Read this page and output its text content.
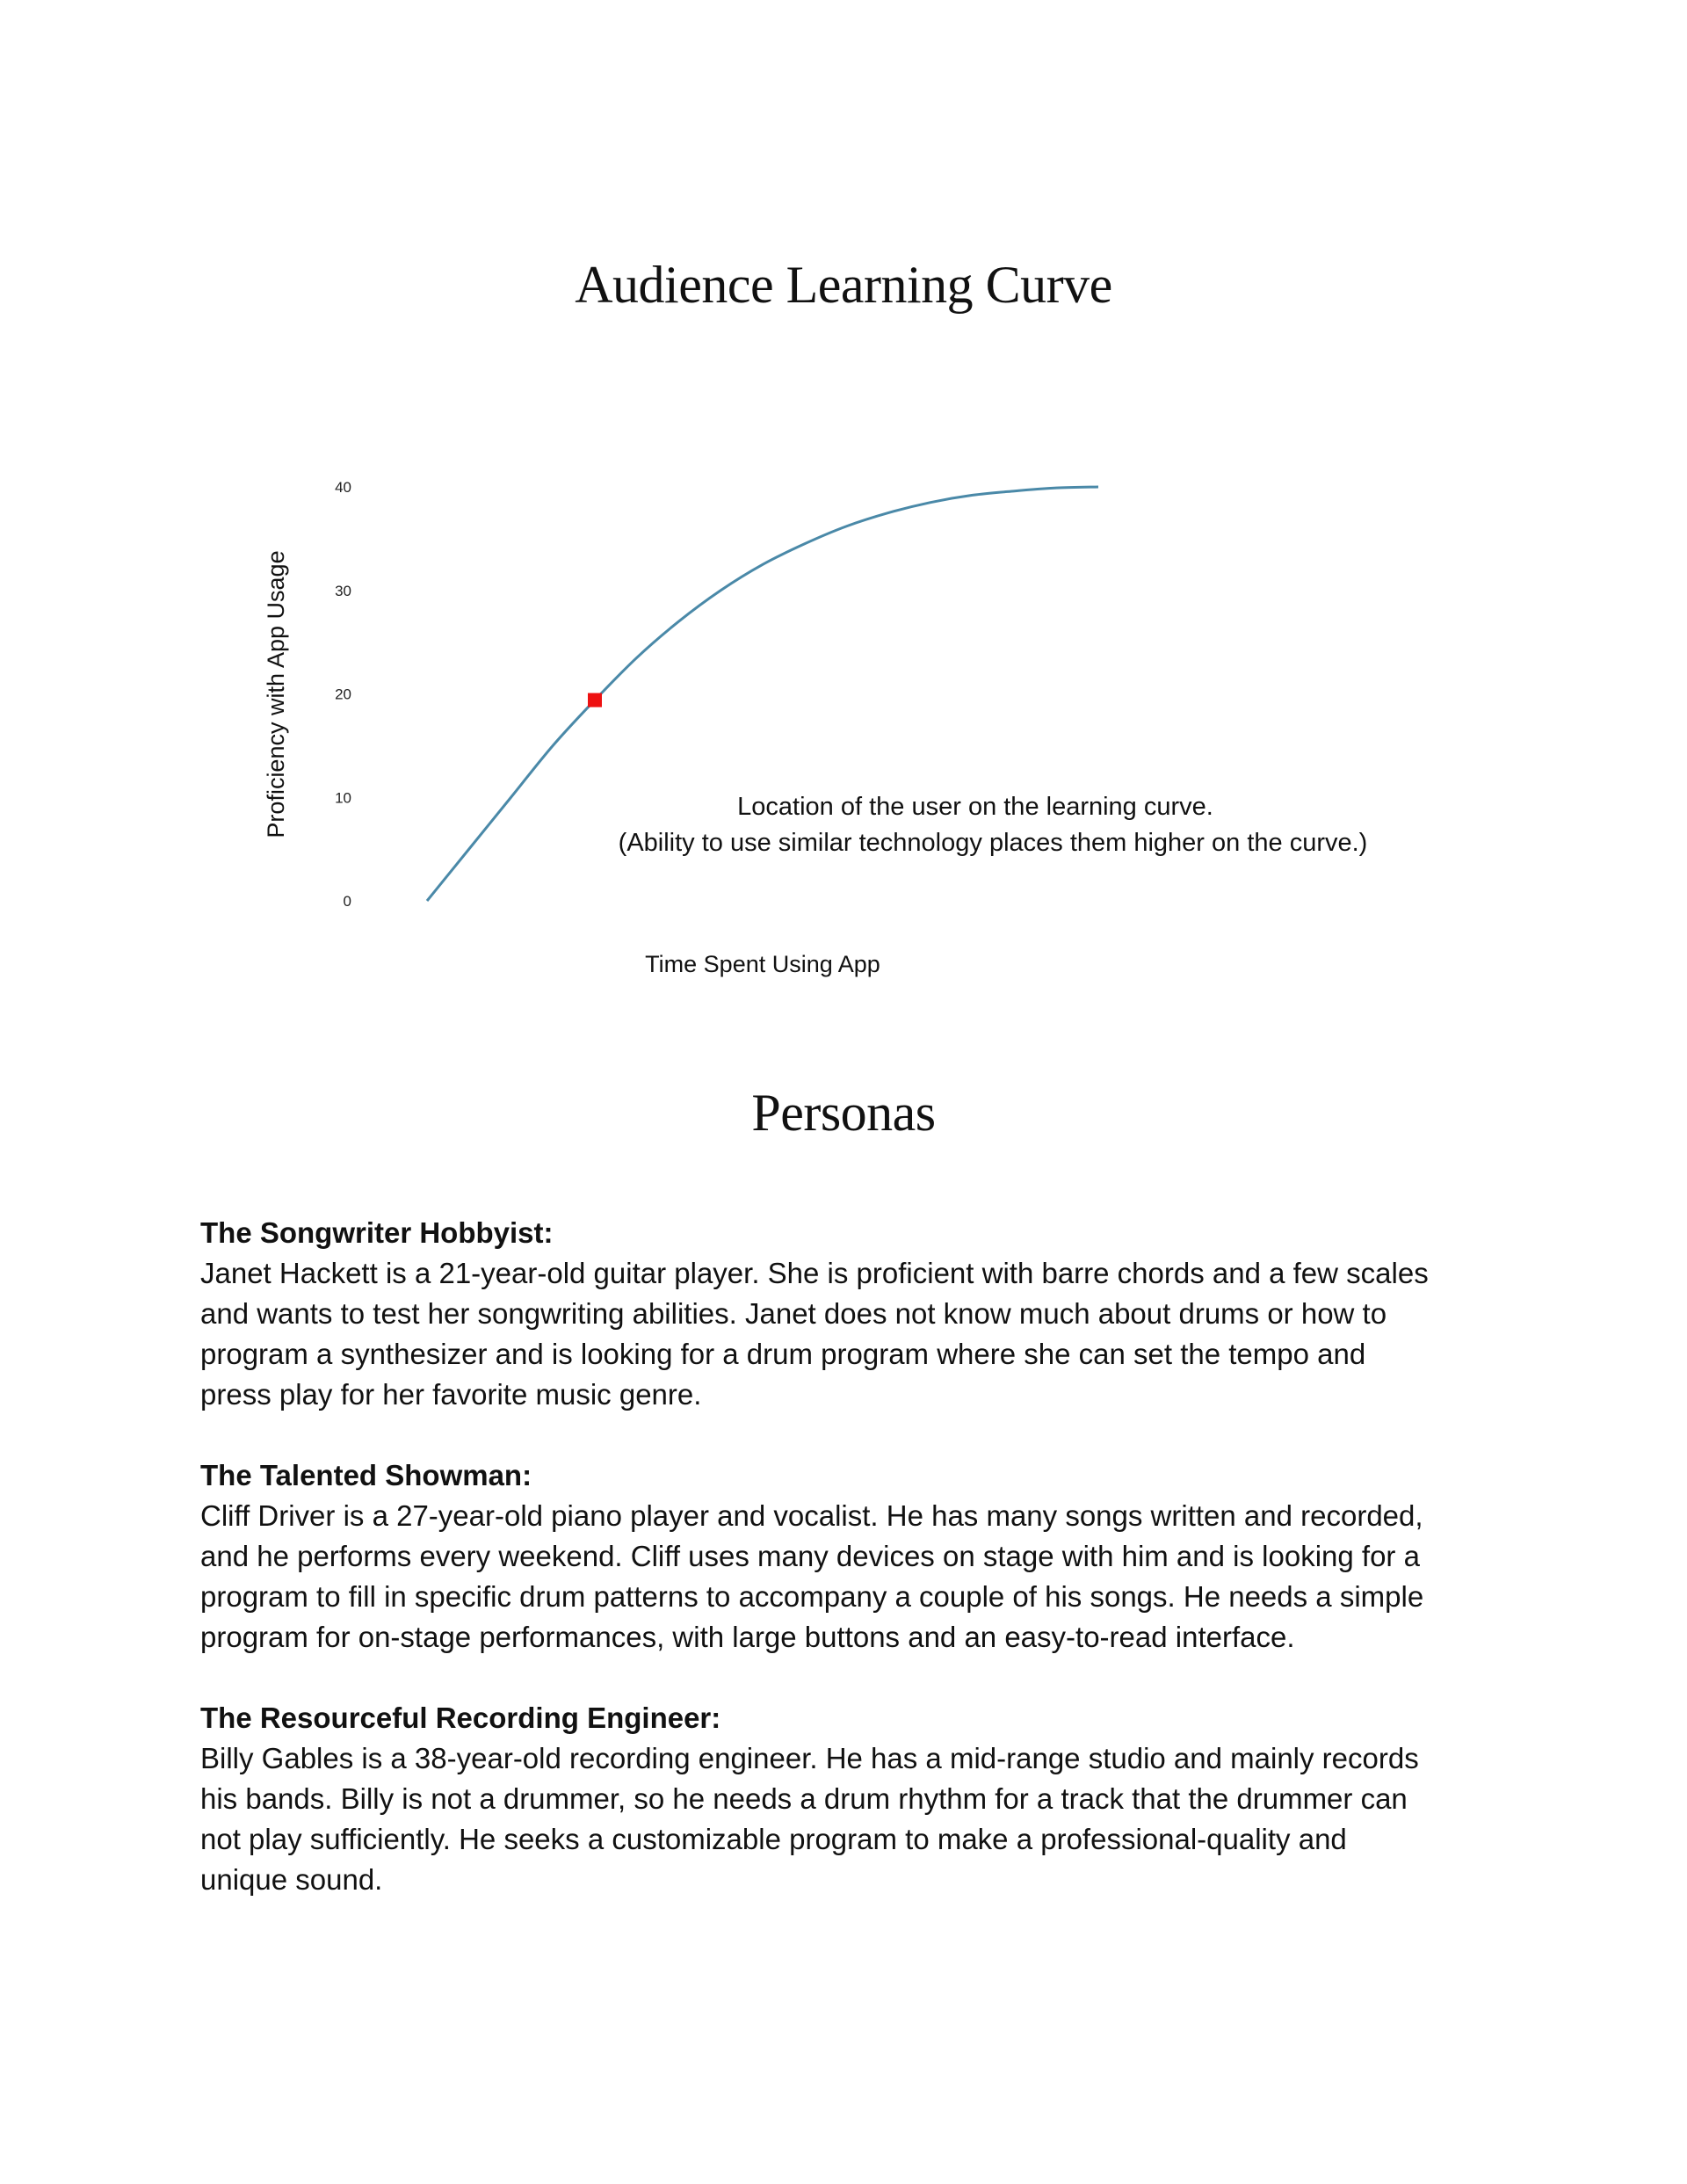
Audience Learning Curve
0
10
20
30
40
Proficiency with App Usage
Time Spent Using App
Location of the user on the learning curve.
(Ability to use similar technology places them higher on the curve.)
Personas

The Songwriter Hobbyist:

Janet Hackett is a 21-year-old guitar player. She is proficient with barre chords and a few scales

and wants to test her songwriting abilities. Janet does not know much about drums or how to

program a synthesizer and is looking for a drum program where she can set the tempo and

press play for her favorite music genre.

The Talented Showman:

Cliff Driver is a 27-year-old piano player and vocalist. He has many songs written and recorded,

and he performs every weekend. Cliff uses many devices on stage with him and is looking for a

program to fill in specific drum patterns to accompany a couple of his songs. He needs a simple

program for on-stage performances, with large buttons and an easy-to-read interface.

The Resourceful Recording Engineer:

Billy Gables is a 38-year-old recording engineer. He has a mid-range studio and mainly records

his bands. Billy is not a drummer, so he needs a drum rhythm for a track that the drummer can

not play sufficiently. He seeks a customizable program to make a professional-quality and

unique sound.
